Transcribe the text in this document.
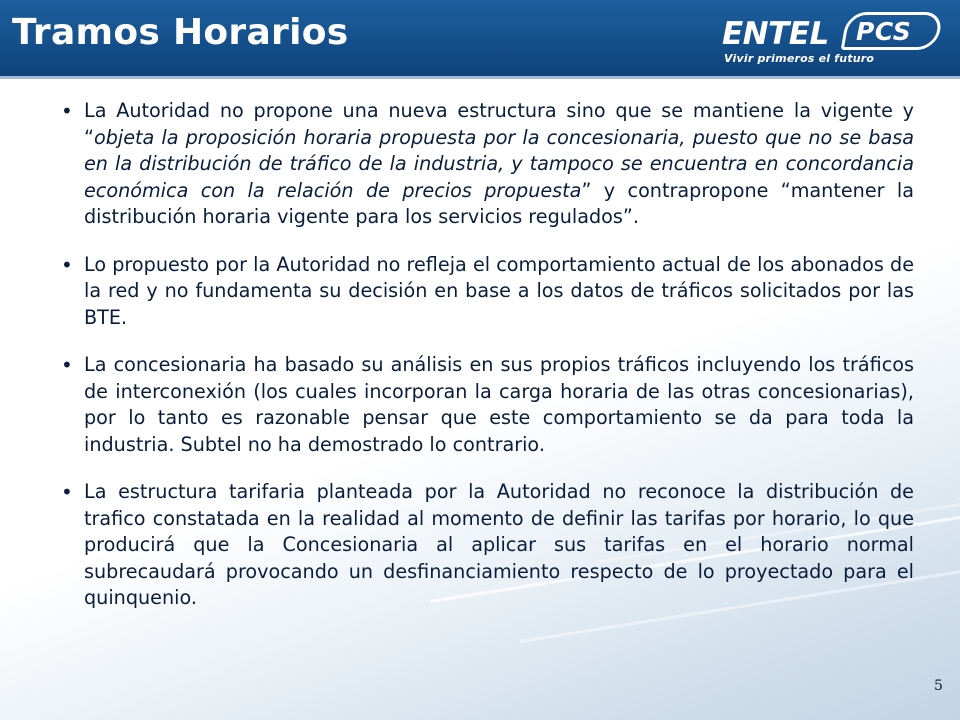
Tramos Horarios	ENTEL PCS
Vivir primeros el futuro
• La Autoridad no propone una nueva estructura sino que se mantiene la vigente y “objeta la proposición horaria propuesta por la concesionaria, puesto que no se basa en la distribución de tráfico de la industria, y tampoco se encuentra en concordancia económica con la relación de precios propuesta” y contrapropone “mantener la distribución horaria vigente para los servicios regulados”.

• Lo propuesto por la Autoridad no refleja el comportamiento actual de los abonados de la red y no fundamenta su decisión en base a los datos de tráficos solicitados por las BTE.

• La concesionaria ha basado su análisis en sus propios tráficos incluyendo los tráficos de interconexión (los cuales incorporan la carga horaria de las otras concesionarias), por lo tanto es razonable pensar que este comportamiento se da para toda la industria. Subtel no ha demostrado lo contrario.

• La estructura tarifaria planteada por la Autoridad no reconoce la distribución de trafico constatada en la realidad al momento de definir las tarifas por horario, lo que producirá que la Concesionaria al aplicar sus tarifas en el horario normal subrecaudará provocando un desfinanciamiento respecto de lo proyectado para el quinquenio.

5
